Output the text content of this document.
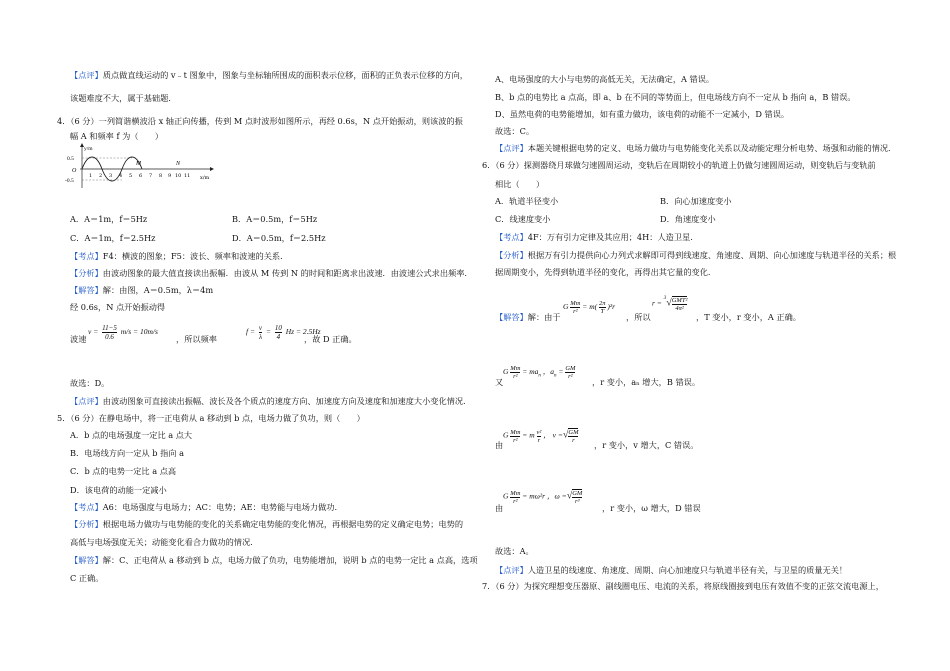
【点评】质点做直线运动的 v﹣t 图象中，图象与坐标轴所围成的面积表示位移，面积的正负表示位移的方向，
该题难度不大，属于基础题.
4．（6 分）一列简谐横波沿 x 轴正向传播，传到 M 点时波形如图所示，再经 0.6s，N 点开始振动，则该波的振
幅 A 和频率 f 为（　　）
y/m
0.5
O
-0.5
1 2 3 4 5 6 7 8 9 10 11
M	N
x/m
A．A＝1m，f＝5Hz	B．A＝0.5m，f＝5Hz
C．A＝1m，f＝2.5Hz	D．A＝0.5m，f＝2.5Hz
【考点】F4：横波的图象；F5：波长、频率和波速的关系.
【分析】由波动图象的最大值直接读出振幅．由波从 M 传到 N 的时间和距离求出波速．由波速公式求出频率.
【解答】解：由图，A＝0.5m，λ＝4m
经 0.6s，N 点开始振动得
波速
$v = \frac{11-5}{0.6} m/s = 10m/s$
，所以频率
$f = \frac{v}{\lambda} = \frac{10}{4}$ Hz = 2.5Hz
，故 D 正确。
故选：D。
【点评】由波动图象可直接读出振幅、波长及各个质点的速度方向、加速度方向及速度和加速度大小变化情况.
5．（6 分）在静电场中，将一正电荷从 a 移动到 b 点，电场力做了负功，则（　　）
A．b 点的电场强度一定比 a 点大
B．电场线方向一定从 b 指向 a
C．b 点的电势一定比 a 点高
D．该电荷的动能一定减小
【考点】A6：电场强度与电场力；AC：电势；AE：电势能与电场力做功.
【分析】根据电场力做功与电势能的变化的关系确定电势能的变化情况，再根据电势的定义确定电势；电势的
高低与电场强度无关；动能变化看合力做功的情况.
【解答】解：C、正电荷从 a 移动到 b 点，电场力做了负功，电势能增加，说明 b 点的电势一定比 a 点高，选项
C 正确。
A、电场强度的大小与电势的高低无关，无法确定，A 错误。
B、b 点的电势比 a 点高，即 a、b 在不同的等势面上，但电场线方向不一定从 b 指向 a，B 错误。
D、虽然电荷的电势能增加，如有重力做功，该电荷的动能不一定减小，D 错误。
故选：C。
【点评】本题关键根据电势的定义、电场力做功与电势能变化关系以及动能定理分析电势、场强和动能的情况.
6．（6 分）探测器绕月球做匀速圆周运动，变轨后在周期较小的轨道上仍做匀速圆周运动，则变轨后与变轨前
相比（　　）
A．轨道半径变小	B．向心加速度变小
C．线速度变小	D．角速度变小
【考点】4F：万有引力定律及其应用；4H：人造卫星.
【分析】根据万有引力提供向心力列式求解即可得到线速度、角速度、周期、向心加速度与轨道半径的关系；根
据周期变小，先得到轨道半径的变化，再得出其它量的变化.
【解答】解：由于
G $\frac{Mm}{\text{r²}} = m( \frac{2\pi}{T} )^2r$
，所以
r = $^3$√ GMT²
4π²
，T 变小，r 变小，A 正确。
又
G $\frac{Mm}{\text{r²}} = ma_n$ ，$a_n = \frac{GM}{\text{r²}}$
，r 变小，aₙ 增大，B 错误。
由
G $\frac{Mm}{\text{r²}} = m \frac{\text{v²}}{r}$ ， v =√ $\frac{GM}{r}$
，r 变小，v 增大，C 错误。
由
G $\frac{Mm}{\text{r²}} = m\omega^2r$ ，ω =√ $\frac{GM}{\text{r³}}$
，r 变小，ω 增大，D 错误
故选：A。
【点评】人造卫星的线速度、角速度、周期、向心加速度只与轨道半径有关，与卫星的质量无关！
7．（6 分）为探究理想变压器原、副线圈电压、电流的关系，将原线圈接到电压有效值不变的正弦交流电源上，
